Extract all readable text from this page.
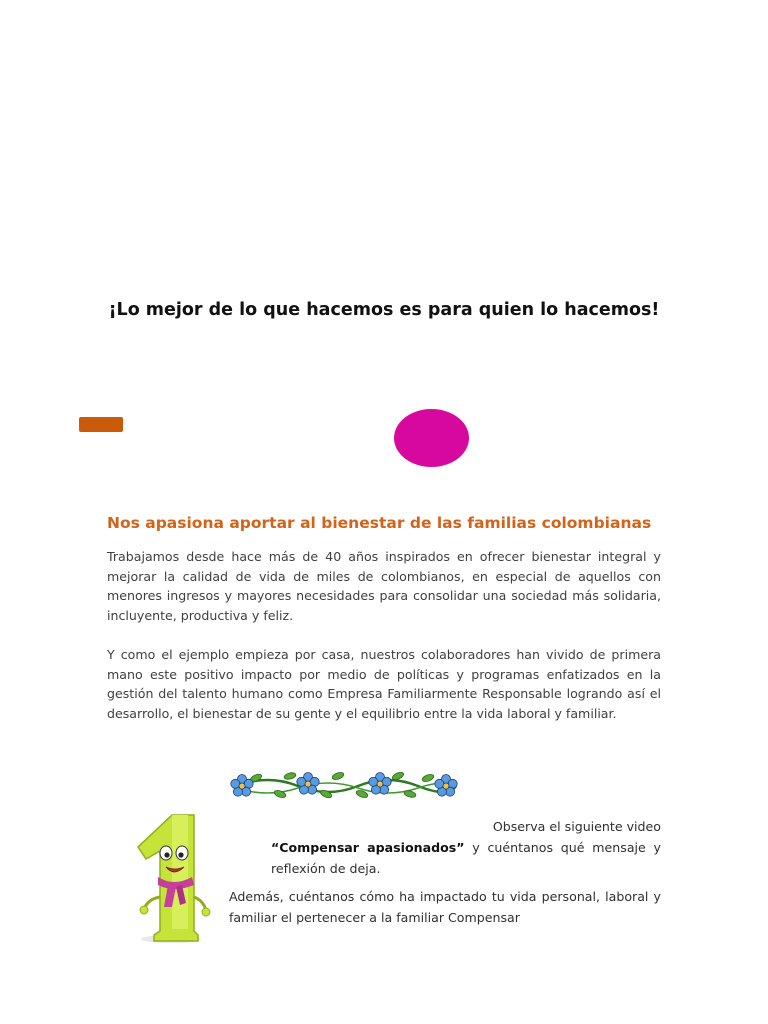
¡Lo mejor de lo que hacemos es para quien lo hacemos!
Nos apasiona aportar al bienestar de las familias colombianas
Trabajamos desde hace más de 40 años inspirados en ofrecer bienestar integral y mejorar la calidad de vida de miles de colombianos, en especial de aquellos con menores ingresos y mayores necesidades para consolidar una sociedad más solidaria, incluyente, productiva y feliz.
Y como el ejemplo empieza por casa, nuestros colaboradores han vivido de primera mano este positivo impacto por medio de políticas y programas enfatizados en la gestión del talento humano como Empresa Familiarmente Responsable logrando así el desarrollo, el bienestar de su gente y el equilibrio entre la vida laboral y familiar.
Observa el siguiente video
“Compensar apasionados” y cuéntanos qué mensaje y reflexión de deja.
Además, cuéntanos cómo ha impactado tu vida personal, laboral y familiar el pertenecer a la familiar Compensar
